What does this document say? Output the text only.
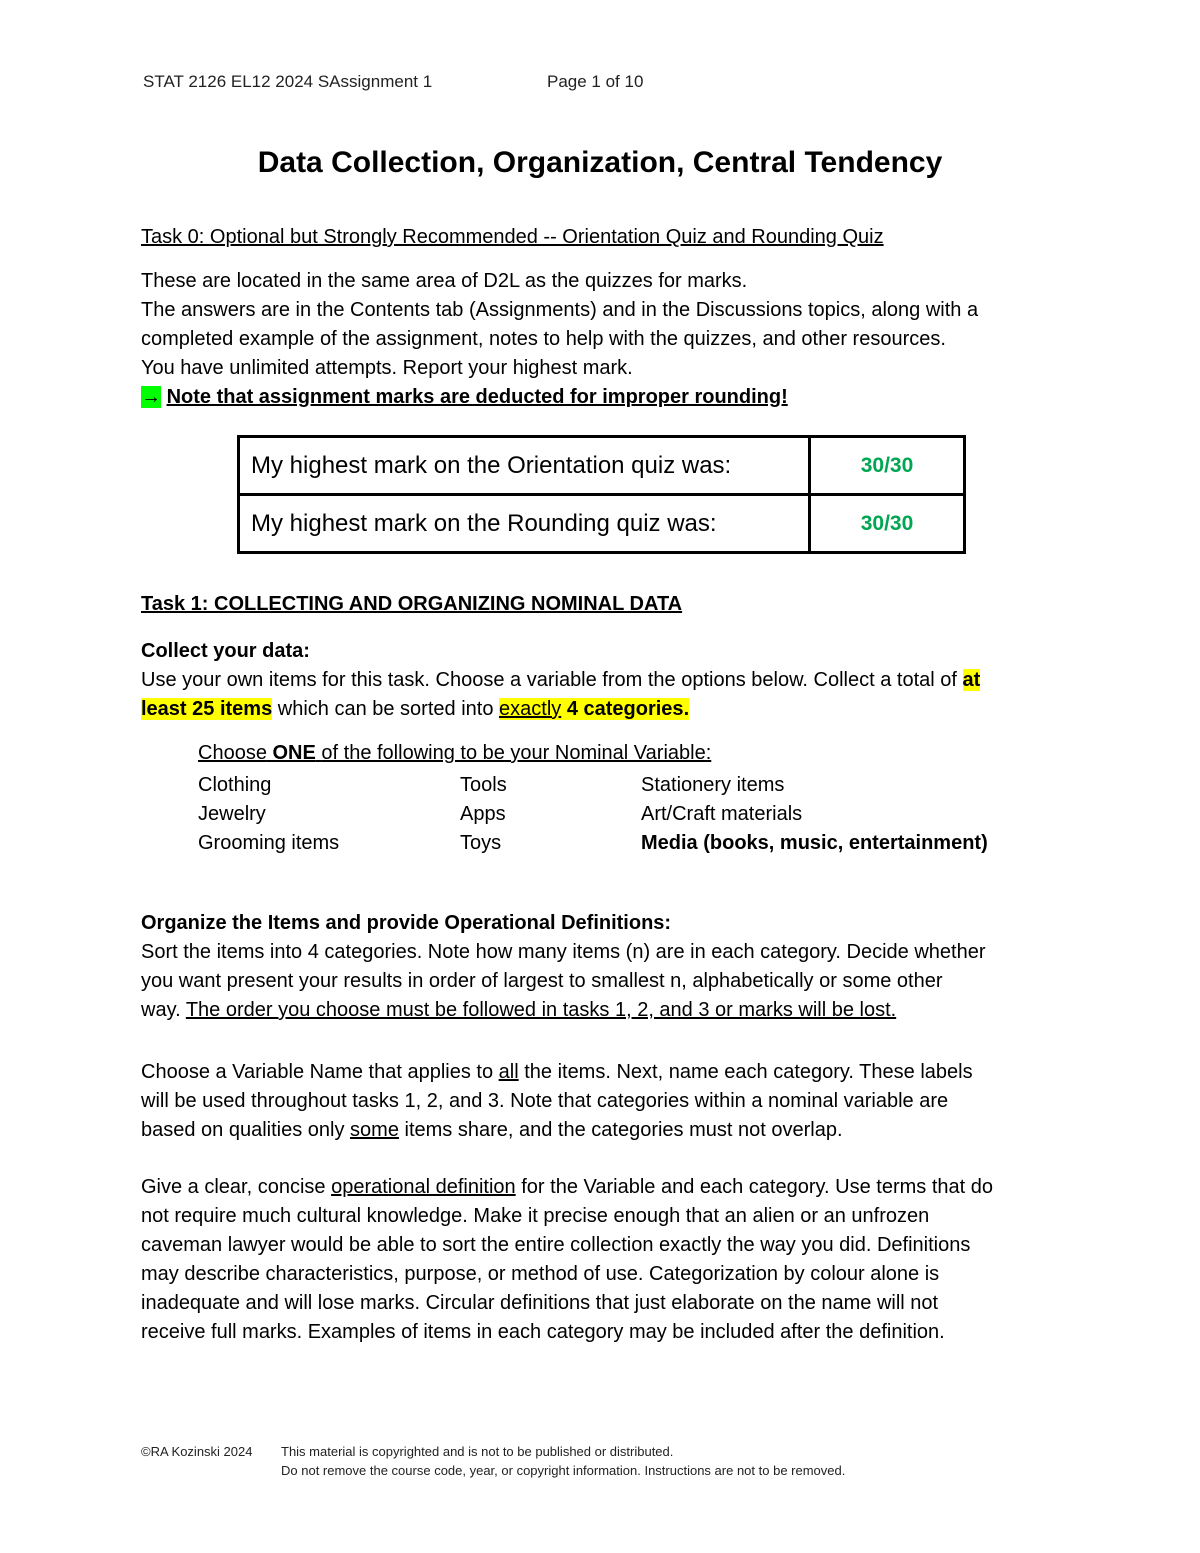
STAT 2126 EL12 2024 SAssignment 1	Page 1 of 10
Data Collection, Organization, Central Tendency
Task 0: Optional but Strongly Recommended -- Orientation Quiz and Rounding Quiz
These are located in the same area of D2L as the quizzes for marks.
The answers are in the Contents tab (Assignments) and in the Discussions topics, along with a
completed example of the assignment, notes to help with the quizzes, and other resources.
You have unlimited attempts. Report your highest mark.
→ Note that assignment marks are deducted for improper rounding!
My highest mark on the Orientation quiz was:	30/30
My highest mark on the Rounding quiz was:	30/30
Task 1: COLLECTING AND ORGANIZING NOMINAL DATA
Collect your data:
Use your own items for this task. Choose a variable from the options below. Collect a total of at
least 25 items which can be sorted into exactly 4 categories.
Choose ONE of the following to be your Nominal Variable:
Clothing	Tools	Stationery items
Jewelry	Apps	Art/Craft materials
Grooming items	Toys	Media (books, music, entertainment)
Organize the Items and provide Operational Definitions:
Sort the items into 4 categories. Note how many items (n) are in each category. Decide whether
you want present your results in order of largest to smallest n, alphabetically or some other
way. The order you choose must be followed in tasks 1, 2, and 3 or marks will be lost.
Choose a Variable Name that applies to all the items. Next, name each category. These labels
will be used throughout tasks 1, 2, and 3. Note that categories within a nominal variable are
based on qualities only some items share, and the categories must not overlap.
Give a clear, concise operational definition for the Variable and each category. Use terms that do
not require much cultural knowledge. Make it precise enough that an alien or an unfrozen
caveman lawyer would be able to sort the entire collection exactly the way you did. Definitions
may describe characteristics, purpose, or method of use. Categorization by colour alone is
inadequate and will lose marks. Circular definitions that just elaborate on the name will not
receive full marks. Examples of items in each category may be included after the definition.
©RA Kozinski 2024 This material is copyrighted and is not to be published or distributed.
Do not remove the course code, year, or copyright information. Instructions are not to be removed.
